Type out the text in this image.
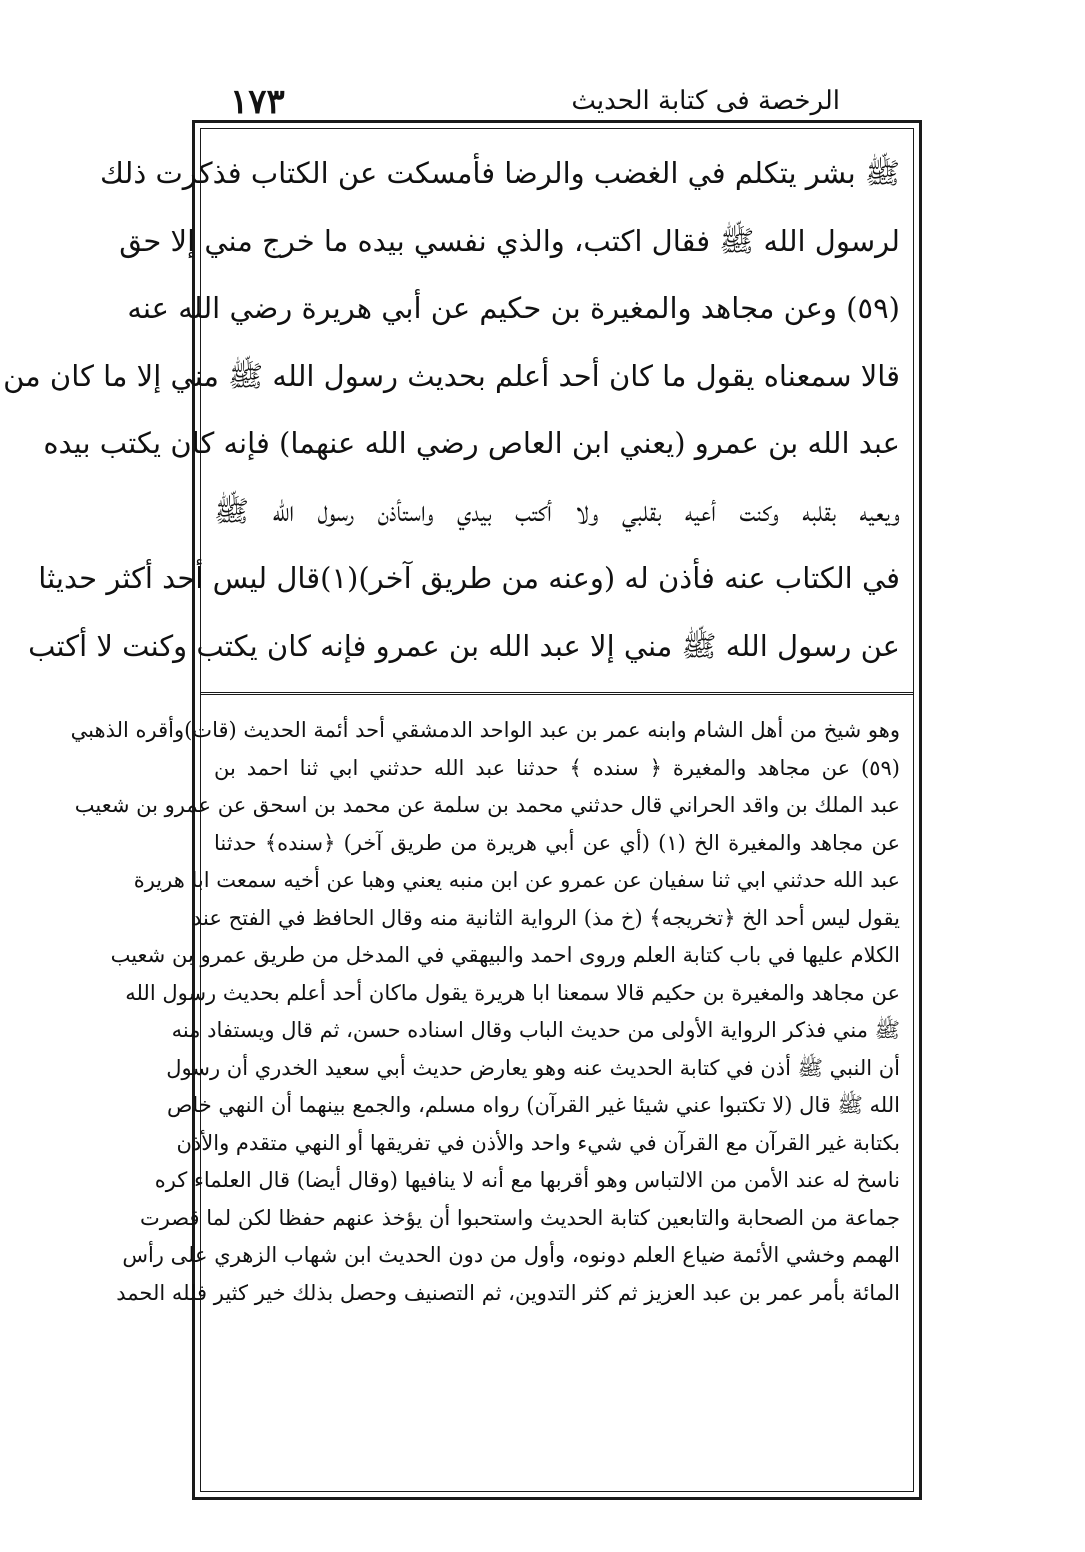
١٧٣	الرخصة فى كتابة الحديث
ﷺ بشر يتكلم في الغضب والرضا فأمسكت عن الكتاب فذكرت ذلك
لرسول الله ﷺ فقال اكتب، والذي نفسي بيده ما خرج مني إلا حق
(٥٩) وعن مجاهد والمغيرة بن حكيم عن أبي هريرة رضي الله عنه
قالا سمعناه يقول ما كان أحد أعلم بحديث رسول الله ﷺ مني إلا ما كان من
عبد الله بن عمرو (يعني ابن العاص رضي الله عنهما) فإنه كان يكتب بيده
ويعيه بقلبه وكنت أعيه بقلبي ولا أكتب بيدي واستأذن رسول الله ﷺ
في الكتاب عنه فأذن له (وعنه من طريق آخر)(١)قال ليس أحد أكثر حديثا
عن رسول الله ﷺ مني إلا عبد الله بن عمرو فإنه كان يكتب وكنت لا أكتب
وهو شيخ من أهل الشام وابنه عمر بن عبد الواحد الدمشقي أحد أئمة الحديث (قات)وأقره الذهبي
(٥٩) عن مجاهد والمغيرة ﴿ سنده ﴾ حدثنا عبد الله حدثني ابي ثنا احمد بن
عبد الملك بن واقد الحراني قال حدثني محمد بن سلمة عن محمد بن اسحق عن عمرو بن شعيب
عن مجاهد والمغيرة الخ (١) (أي عن أبي هريرة من طريق آخر) ﴿سنده﴾ حدثنا
عبد الله حدثني ابي ثنا سفيان عن عمرو عن ابن منبه يعني وهبا عن أخيه سمعت ابا هريرة
يقول ليس أحد الخ ﴿تخريجه﴾ (خ مذ) الرواية الثانية منه وقال الحافظ في الفتح عند
الكلام عليها في باب كتابة العلم وروى احمد والبيهقي في المدخل من طريق عمرو بن شعيب
عن مجاهد والمغيرة بن حكيم قالا سمعنا ابا هريرة يقول ماكان أحد أعلم بحديث رسول الله
ﷺ مني فذكر الرواية الأولى من حديث الباب وقال اسناده حسن، ثم قال ويستفاد منه
أن النبي ﷺ أذن في كتابة الحديث عنه وهو يعارض حديث أبي سعيد الخدري أن رسول
الله ﷺ قال (لا تكتبوا عني شيئا غير القرآن) رواه مسلم، والجمع بينهما أن النهي خاص
بكتابة غير القرآن مع القرآن في شيء واحد والأذن في تفريقها أو النهي متقدم والأذن
ناسخ له عند الأمن من الالتباس وهو أقربها مع أنه لا ينافيها (وقال أيضا) قال العلماء كره
جماعة من الصحابة والتابعين كتابة الحديث واستحبوا أن يؤخذ عنهم حفظا لكن لما قصرت
الهمم وخشي الأئمة ضياع العلم دونوه، وأول من دون الحديث ابن شهاب الزهري على رأس
المائة بأمر عمر بن عبد العزيز ثم كثر التدوين، ثم التصنيف وحصل بذلك خير كثير فلله الحمد
